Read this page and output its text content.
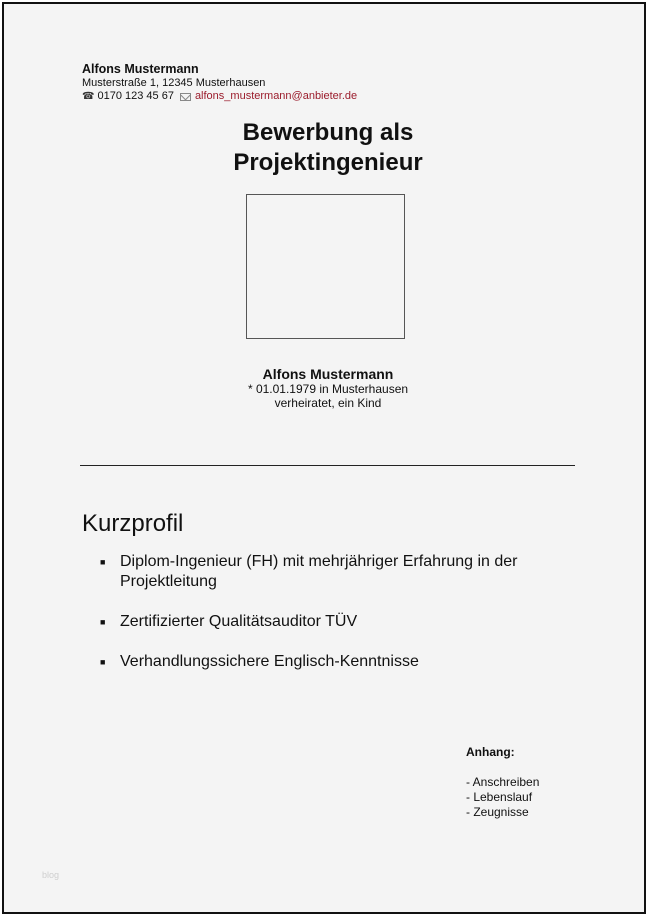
Alfons Mustermann
Musterstraße 1, 12345 Musterhausen
☎ 0170 123 45 67 alfons_mustermann@anbieter.de
Bewerbung als
Projektingenieur
Alfons Mustermann
* 01.01.1979 in Musterhausen
verheiratet, ein Kind
Kurzprofil
■ Diplom-Ingenieur (FH) mit mehrjähriger Erfahrung in der Projektleitung
■ Zertifizierter Qualitätsauditor TÜV
■ Verhandlungssichere Englisch-Kenntnisse
Anhang:
- Anschreiben
- Lebenslauf
- Zeugnisse
blog
